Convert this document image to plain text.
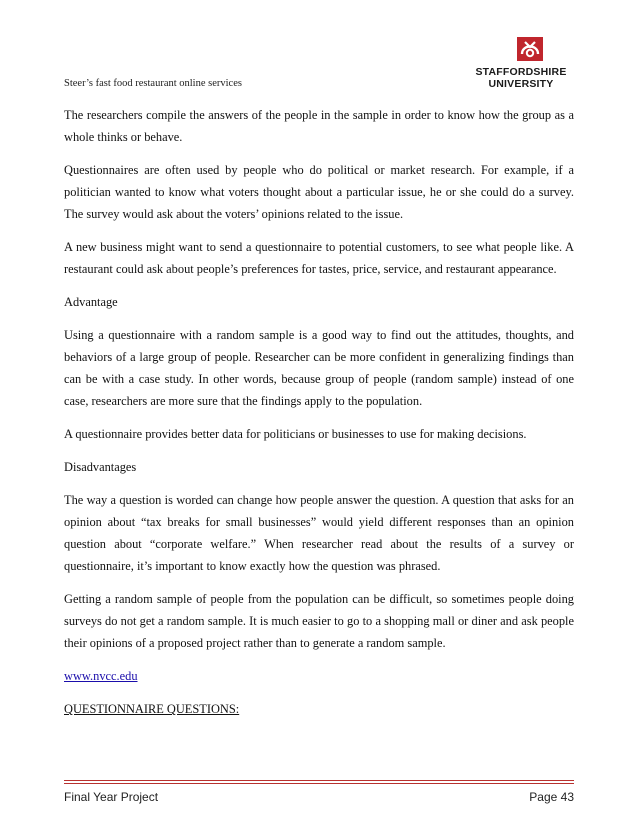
Steer’s fast food restaurant online services
STAFFORDSHIRE
UNIVERSITY

The researchers compile the answers of the people in the sample in order to know how the group as a whole thinks or behave.

Questionnaires are often used by people who do political or market research. For example, if a politician wanted to know what voters thought about a particular issue, he or she could do a survey. The survey would ask about the voters’ opinions related to the issue.

A new business might want to send a questionnaire to potential customers, to see what people like. A restaurant could ask about people’s preferences for tastes, price, service, and restaurant appearance.

Advantage

Using a questionnaire with a random sample is a good way to find out the attitudes, thoughts, and behaviors of a large group of people. Researcher can be more confident in generalizing findings than can be with a case study. In other words, because group of people (random sample) instead of one case, researchers are more sure that the findings apply to the population.

A questionnaire provides better data for politicians or businesses to use for making decisions.

Disadvantages

The way a question is worded can change how people answer the question. A question that asks for an opinion about “tax breaks for small businesses” would yield different responses than an opinion question about “corporate welfare.” When researcher read about the results of a survey or questionnaire, it’s important to know exactly how the question was phrased.

Getting a random sample of people from the population can be difficult, so sometimes people doing surveys do not get a random sample. It is much easier to go to a shopping mall or diner and ask people their opinions of a proposed project rather than to generate a random sample.

www.nvcc.edu

QUESTIONNAIRE QUESTIONS:

Final Year Project	Page 43
